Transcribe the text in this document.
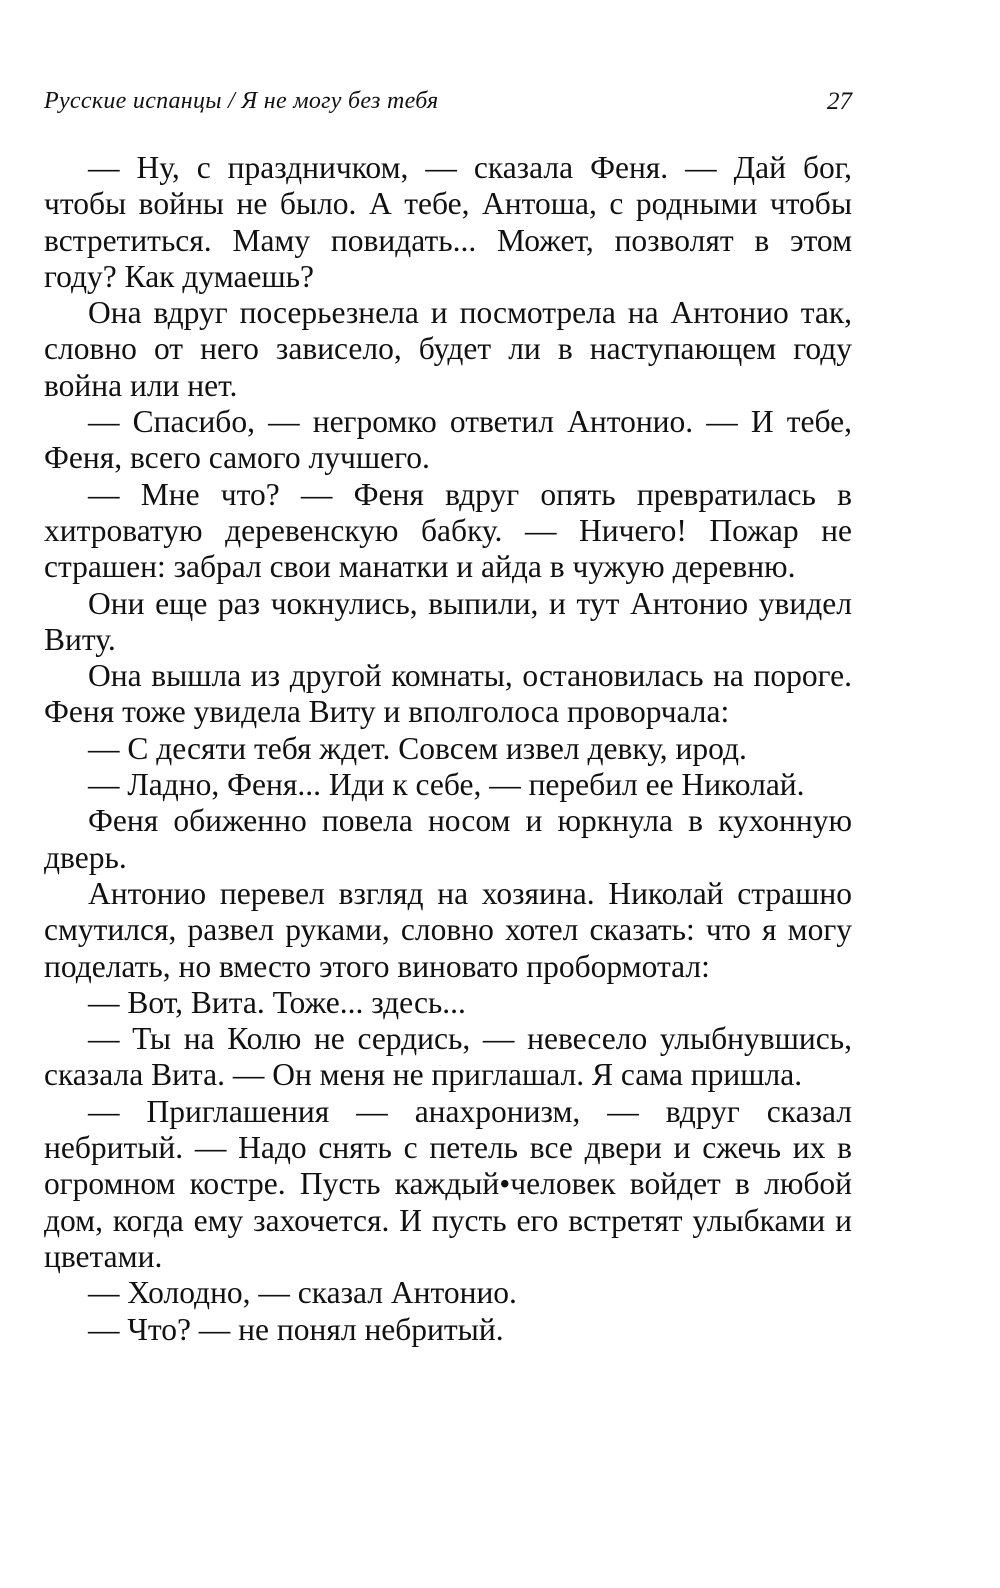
Русские испанцы / Я не могу без тебя	27

— Ну, с праздничком, — сказала Феня. — Дай бог, чтобы войны не было. А тебе, Антоша, с родными чтобы встретиться. Маму повидать... Может, позволят в этом году? Как думаешь?

Она вдруг посерьезнела и посмотрела на Антонио так, словно от него зависело, будет ли в наступающем году война или нет.

— Спасибо, — негромко ответил Антонио. — И тебе, Феня, всего самого лучшего.

— Мне что? — Феня вдруг опять превратилась в хитроватую деревенскую бабку. — Ничего! Пожар не страшен: забрал свои манатки и айда в чужую деревню.

Они еще раз чокнулись, выпили, и тут Антонио увидел Виту.

Она вышла из другой комнаты, остановилась на пороге. Феня тоже увидела Виту и вполголоса проворчала:

— С десяти тебя ждет. Совсем извел девку, ирод.

— Ладно, Феня... Иди к себе, — перебил ее Николай.

Феня обиженно повела носом и юркнула в кухонную дверь.

Антонио перевел взгляд на хозяина. Николай страшно смутился, развел руками, словно хотел сказать: что я могу поделать, но вместо этого виновато пробормотал:

— Вот, Вита. Тоже... здесь...

— Ты на Колю не сердись, — невесело улыбнувшись, сказала Вита. — Он меня не приглашал. Я сама пришла.

— Приглашения — анахронизм, — вдруг сказал небритый. — Надо снять с петель все двери и сжечь их в огромном костре. Пусть каждый•человек войдет в любой дом, когда ему захочется. И пусть его встретят улыбками и цветами.

— Холодно, — сказал Антонио.

— Что? — не понял небритый.
